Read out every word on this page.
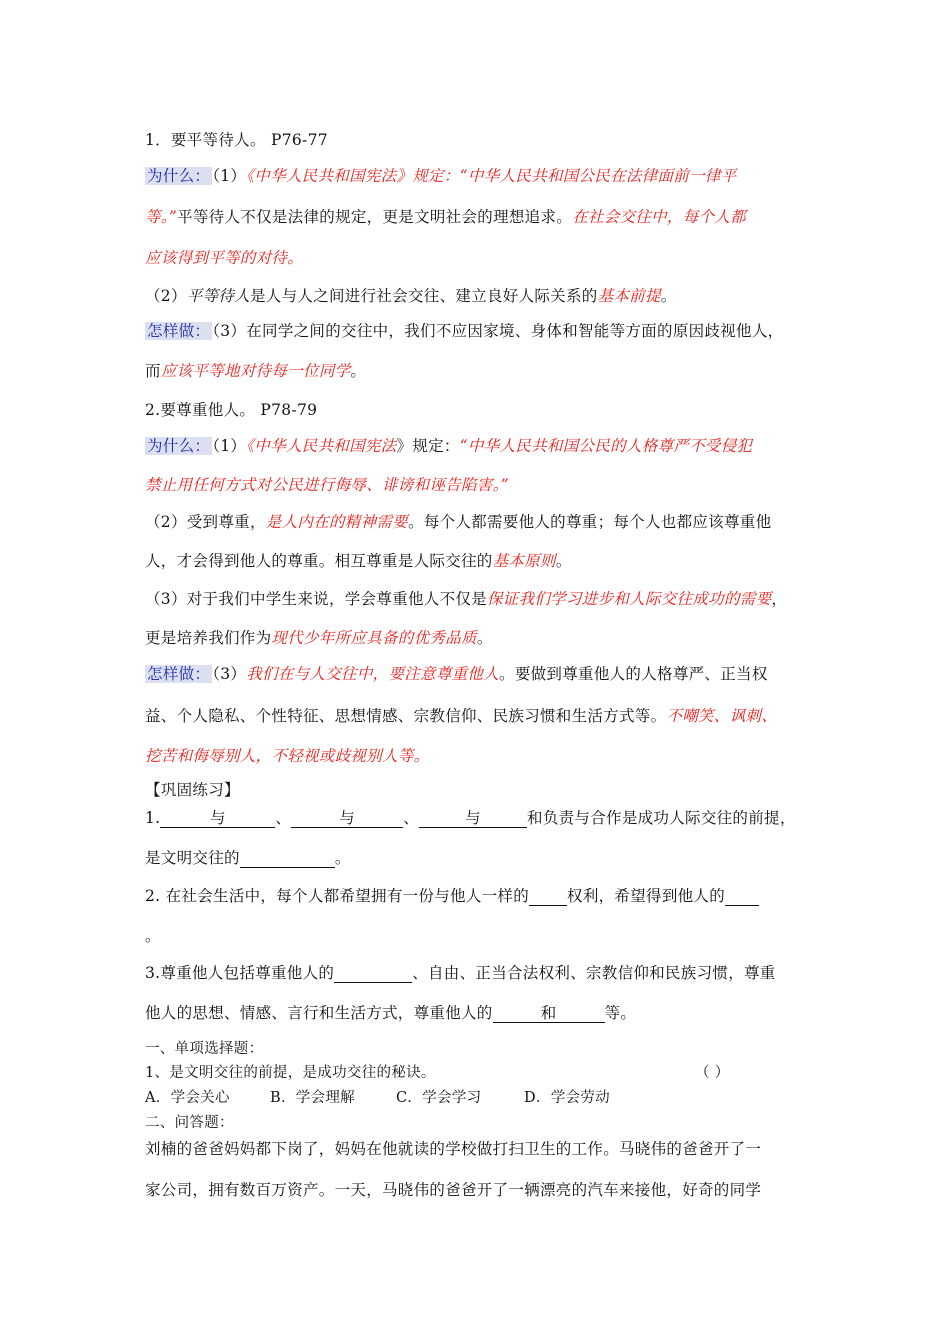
1．要平等待人。 P76-77
为什么： （1）《中华人民共和国宪法》规定：“中华人民共和国公民在法律面前一律平
等。”平等待人不仅是法律的规定，更是文明社会的理想追求。在社会交往中，每个人都
应该得到平等的对待。
（2）平等待人是人与人之间进行社会交往、建立良好人际关系的基本前提。
怎样做： （3）在同学之间的交往中，我们不应因家境、身体和智能等方面的原因歧视他人，
而应该平等地对待每一位同学。
2.要尊重他人。 P78-79
为什么： （1）《中华人民共和国宪法》规定：“中华人民共和国公民的人格尊严不受侵犯
禁止用任何方式对公民进行侮辱、诽谤和诬告陷害。”
（2）受到尊重，是人内在的精神需要。每个人都需要他人的尊重；每个人也都应该尊重他
人，才会得到他人的尊重。相互尊重是人际交往的基本原则。
（3）对于我们中学生来说，学会尊重他人不仅是保证我们学习进步和人际交往成功的需要，
更是培养我们作为现代少年所应具备的优秀品质。
怎样做： （3）我们在与人交往中，要注意尊重他人。要做到尊重他人的人格尊严、正当权
益、个人隐私、个性特征、思想情感、宗教信仰、民族习惯和生活方式等。不嘲笑、讽刺、
挖苦和侮辱别人，不轻视或歧视别人等。
【巩固练习】
1.	与	、	与	、	与	和负责与合作是成功人际交往的前提，
是文明交往的	。
2. 在社会生活中，每个人都希望拥有一份与他人一样的 权利，希望得到他人的
。
3.尊重他人包括尊重他人的	、自由、正当合法权利、宗教信仰和民族习惯，尊重
他人的思想、情感、言行和生活方式，尊重他人的	和	等。
一、单项选择题：
1、是文明交往的前提，是成功交往的秘诀。	（ ）
A．学会关心	B．学会理解	C．学会学习	D．学会劳动
二、问答题：
刘楠的爸爸妈妈都下岗了，妈妈在他就读的学校做打扫卫生的工作。马晓伟的爸爸开了一
家公司，拥有数百万资产。一天，马晓伟的爸爸开了一辆漂亮的汽车来接他，好奇的同学
